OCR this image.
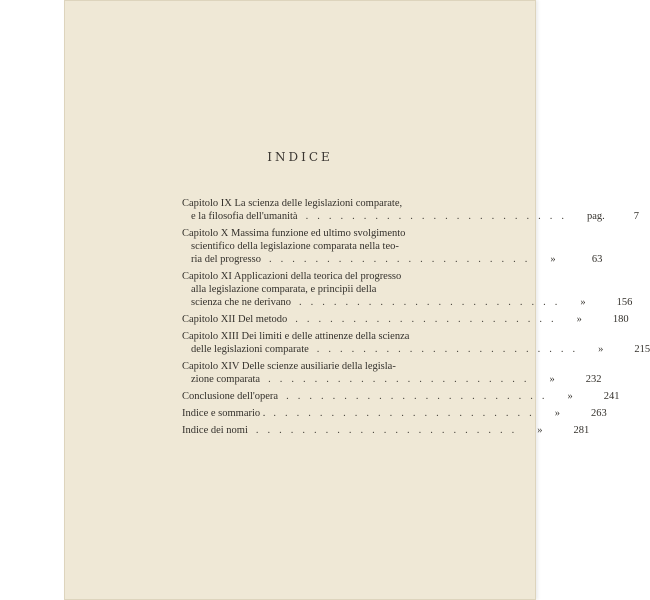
INDICE
Capitolo IX La scienza delle legislazioni comparate,
e la filosofia dell'umanità ....................... pag.	7
Capitolo X Massima funzione ed ultimo svolgimento
scientifico della legislazione comparata nella teo-
ria del progresso ....................... »	63
Capitolo XI Applicazioni della teorica del progresso
alla legislazione comparata, e principii della
scienza che ne derivano ....................... »	156
Capitolo XII Del metodo ....................... »	180
Capitolo XIII Dei limiti e delle attinenze della scienza
delle legislazioni comparate ....................... »	215
Capitolo XIV Delle scienze ausiliarie della legisla-
zione comparata ....................... »	232
Conclusione dell'opera ....................... »	241
Indice e sommario . ....................... »	263
Indice dei nomi ....................... »	281
